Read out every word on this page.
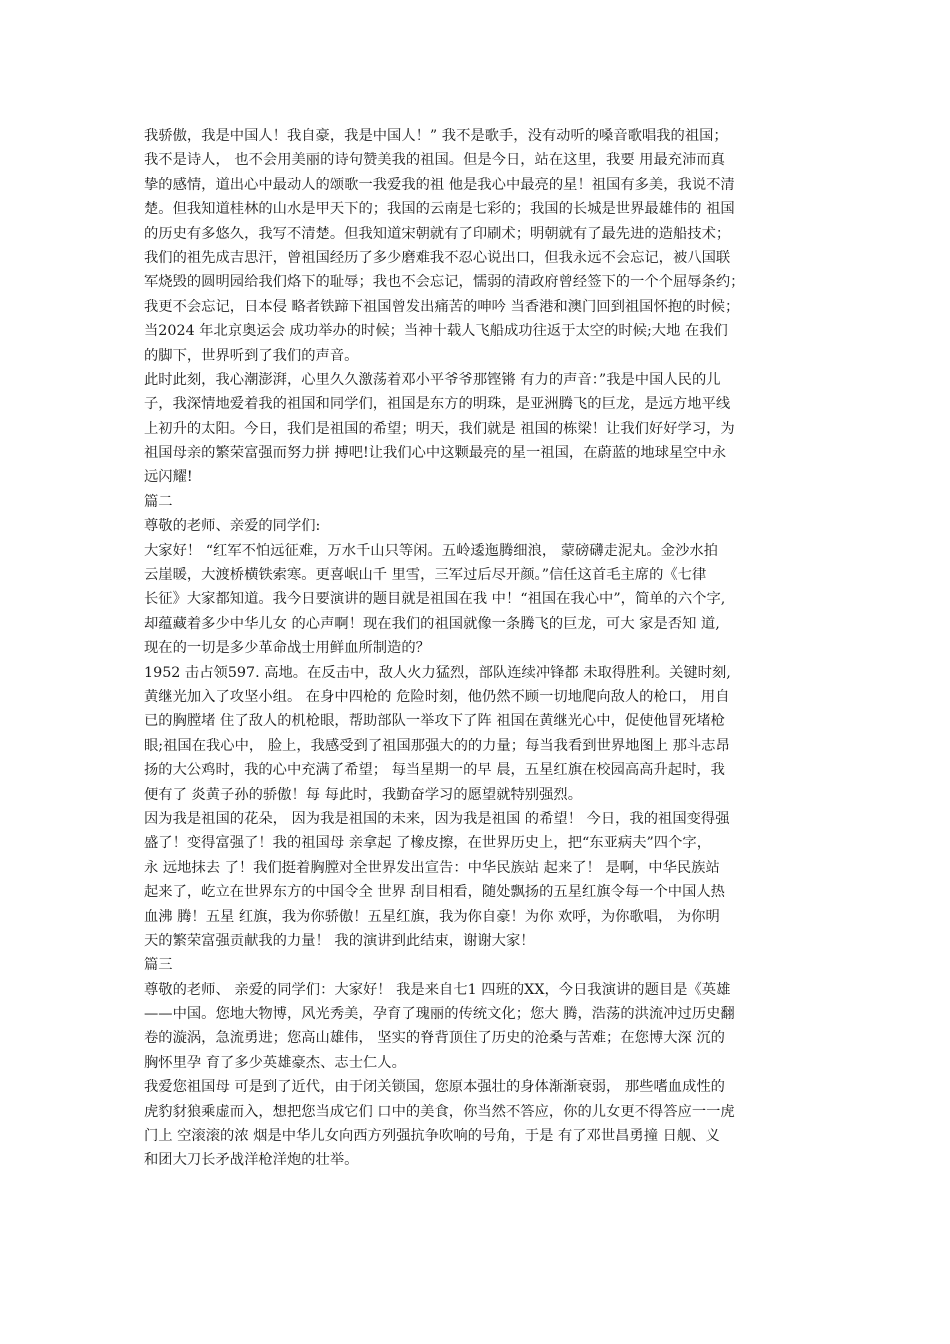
我骄傲，我是中国人！我自豪，我是中国人！” 我不是歌手，没有动听的嗓音歌唱我的祖国；
我不是诗人， 也不会用美丽的诗句赞美我的祖国。但是今日，站在这里，我要 用最充沛而真
挚的感情，道出心中最动人的颂歌一我爱我的祖 他是我心中最亮的星！祖国有多美，我说不清
楚。但我知道桂林的山水是甲天下的；我国的云南是七彩的；我国的长城是世界最雄伟的 祖国
的历史有多悠久，我写不清楚。但我知道宋朝就有了印刷术；明朝就有了最先进的造船技术；
我们的祖先成吉思汗，曾祖国经历了多少磨难我不忍心说出口，但我永远不会忘记，被八国联
军烧毁的圆明园给我们烙下的耻辱；我也不会忘记，懦弱的清政府曾经签下的一个个屈辱条约；
我更不会忘记，日本侵 略者铁蹄下祖国曾发出痛苦的呻吟 当香港和澳门回到祖国怀抱的时候；
当2024 年北京奥运会 成功举办的时候；当神十载人飞船成功往返于太空的时候;大地 在我们
的脚下，世界听到了我们的声音。
此时此刻，我心潮澎湃，心里久久激荡着邓小平爷爷那铿锵 有力的声音：”我是中国人民的儿
子，我深情地爱着我的祖国和同学们，祖国是东方的明珠，是亚洲腾飞的巨龙，是远方地平线
上初升的太阳。今日，我们是祖国的希望；明天，我们就是 祖国的栋梁！让我们好好学习，为
祖国母亲的繁荣富强而努力拼 搏吧!让我们心中这颗最亮的星一祖国，在蔚蓝的地球星空中永
远闪耀!
篇二
尊敬的老师、亲爱的同学们:
大家好！ “红军不怕远征难，万水千山只等闲。五岭逶迤腾细浪， 蒙磅礴走泥丸。金沙水拍
云崖暖，大渡桥横铁索寒。更喜岷山千 里雪，三军过后尽开颜。”信任这首毛主席的《七律
长征》大家都知道。我今日要演讲的题目就是祖国在我 中！“祖国在我心中”，简单的六个字,
却蕴藏着多少中华儿女 的心声啊！现在我们的祖国就像一条腾飞的巨龙，可大 家是否知 道,
现在的一切是多少革命战士用鲜血所制造的？
1952 击占领597. 高地。在反击中，敌人火力猛烈，部队连续冲锋都 未取得胜利。关键时刻,
黄继光加入了攻坚小组。 在身中四枪的 危险时刻，他仍然不顾一切地爬向敌人的枪口， 用自
已的胸膛堵 住了敌人的机枪眼，帮助部队一举攻下了阵 祖国在黄继光心中，促使他冒死堵枪
眼;祖国在我心中， 脸上，我感受到了祖国那强大的的力量；每当我看到世界地图上 那斗志昂
扬的大公鸡时，我的心中充满了希望； 每当星期一的早 晨，五星红旗在校园高高升起时，我
便有了 炎黄子孙的骄傲！每 每此时，我勤奋学习的愿望就特别强烈。
因为我是祖国的花朵， 因为我是祖国的未来，因为我是祖国 的希望！ 今日，我的祖国变得强
盛了！变得富强了！我的祖国母 亲拿起 了橡皮擦，在世界历史上，把“东亚病夫”四个字，
永 远地抹去 了！我们挺着胸膛对全世界发出宣告：中华民族站 起来了！ 是啊，中华民族站
起来了，屹立在世界东方的中国令全 世界 刮目相看，随处飘扬的五星红旗令每一个中国人热
血沸 腾！五星 红旗，我为你骄傲！五星红旗，我为你自豪！为你 欢呼，为你歌唱， 为你明
天的繁荣富强贡献我的力量！ 我的演讲到此结束，谢谢大家！
篇三
尊敬的老师、 亲爱的同学们：大家好！ 我是来自七1 四班的XX，今日我演讲的题目是《英雄
——中国。您地大物博，风光秀美，孕育了瑰丽的传统文化；您大 腾，浩荡的洪流冲过历史翻
卷的漩涡，急流勇进；您高山雄伟， 坚实的脊背顶住了历史的沧桑与苦难；在您博大深 沉的
胸怀里孕 育了多少英雄豪杰、志士仁人。
我爱您祖国母 可是到了近代，由于闭关锁国，您原本强壮的身体渐渐衰弱， 那些嗜血成性的
虎豹豺狼乘虚而入，想把您当成它们 口中的美食，你当然不答应，你的儿女更不得答应一一虎
门上 空滚滚的浓 烟是中华儿女向西方列强抗争吹响的号角，于是 有了邓世昌勇撞 日舰、义
和团大刀长矛战洋枪洋炮的壮举。
